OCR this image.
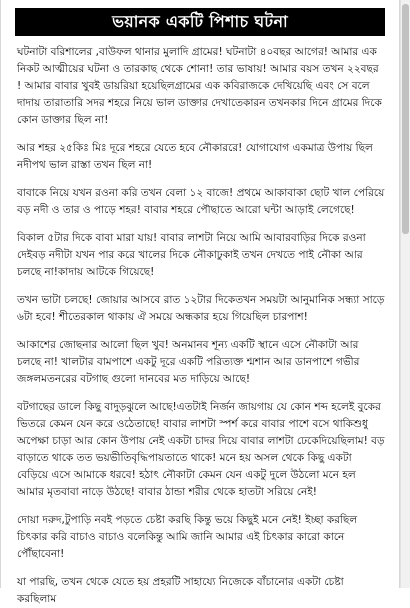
ভয়ানক একটি পিশাচ ঘটনা

ঘটনাটা বরিশালের ,বাউফল থানার মুলাদি গ্রামের! ঘটনাটা ৪০বছর আগের! আমার এক নিকট আত্মীয়ের ঘটনা ও তারকাছ থেকে শোনা! তার ভাষায়! আমার বয়স তখন ২২বছর ! আমার বাবার খুবই ডায়রিয়া হয়েছিলগ্রামের এক কবিরাজকে দেখিয়েছি এবং সে বলে দাদায় তারাতারি সদর শহরে নিয়ে ভাল ডাক্তার দেখাতেকারন তখনকার দিনে গ্রামের দিকে কোন ডাক্তার ছিল না!

আর শহর ২৫কিঃ মিঃ দূরে শহরে যেতে হবে নৌকাররে! যোগাযোগ একমাত্র উপায় ছিল নদীপথ ভাল রাস্তা তখন ছিল না!

বাবাকে নিয়ে যখন রওনা করি তখন বেলা ১২ বাজে! প্রথমে আকাবাকা ছোট খাল পেরিয়ে বড় নদী ও তার ও পাড়ে শহর! বাবার শহরে পৌছাতে আরো ঘন্টা আড়াই লেগেছে!

বিকাল ৫টার দিকে বাবা মারা যায়! বাবার লাশটা নিয়ে আমি আবারবাড়ির দিকে রওনা দেইবড় নদীটা যখন পার করে খালের দিকে নৌকাঢুকাই তখন দেখতে পাই নৌকা আর চলছে না!কাদায় আটকে গিয়েছে!

তখন ভাটা চলছে! জোয়ার আসবে রাত ১২টার দিকেতখন সময়টা আনুমানিক সন্ধ্যা সাড়ে ৬টা হবে! শীতেরকাল থাকায় ঐ সময়ে অন্ধকার হয়ে গিয়েছিল চারপাশ!

আকাশের জোছনার আলো ছিল খুব! অনমানব শূন্য একটি স্থানে এসে নৌকাটা আর চলছে না! খালটার বামপাশে একটু দূরে একটি পরিত্যক্ত শ্মশান আর ডানপাশে গভীর জঙ্গলমতনরের বটগাছ গুলো দানবের মত দাড়িয়ে আছে!

বটগাছের ডালে কিছু বাদুড়ঝুলে আছে!এতটাই নির্জন জায়গায় যে কোন শব্দ হলেই বুকের ভিতরে কেমন যেন করে ওঠেতাছে! বাবার লাশটা স্পর্শ করে বাবার পাশে বসে থাকিশুধু অপেক্ষা চাড়া আর কোন উপায় নেই একটা চাদর দিয়ে বাবার লাশটা ঢেকেদিয়েছিলাম! বড় বাড়াতে থাকে তত ভয়ভীতিবৃদ্ধিপায়তাতে থাকে! মনে হয় অসল থেকে কিছু একটা বেড়িয়ে এসে আমাকে ধরবে! হঠাৎ নৌকাটা কেমন যেন একটু দুলে উঠলো মনে হল আমার মৃতবাবা নাড়ে উঠছে! বাবার ঠান্ডা শরীর থেকে হাতটা সরিয়ে নেই!

দোয়া দরুদ,টুপাড়ি নবই পড়তে চেষ্টা করছি কিন্তু ভয়ে কিছুই মনে নেই! ইচ্ছা করছিল চিৎকার করি বাচাও বাচাও বলেকিন্তু আমি জানি আমার এই চিৎকার কারো কানে পৌঁছাবেনা!

যা পারছি, তখন থেকে যেতে হয় প্রহরটি সাহায্যে নিজেকে বাঁচানোর একটা চেষ্টা করছিলাম
